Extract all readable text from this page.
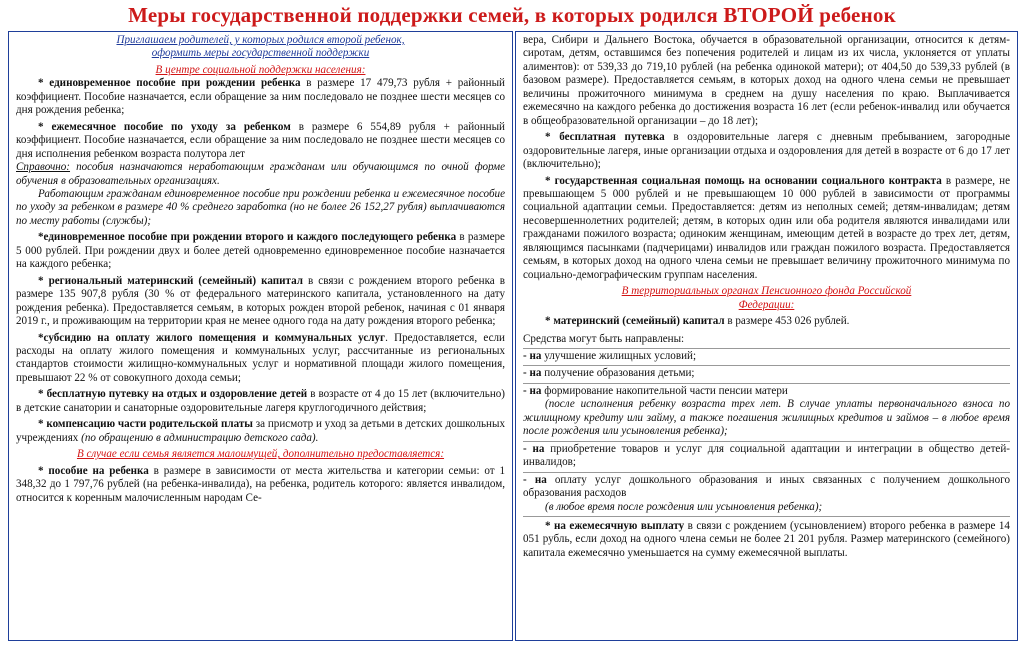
Меры государственной поддержки семей, в которых родился ВТОРОЙ ребенок

Приглашаем родителей, у которых родился второй ребенок,

оформить меры государственной поддержки

В центре социальной поддержки населения:

* единовременное пособие при рождении ребенка в размере 17 479,73 рубля + районный коэффициент. Пособие назначается, если обращение за ним последовало не позднее шести месяцев со дня рождения ребенка;

* ежемесячное пособие по уходу за ребенком в размере 6 554,89 рубля + районный коэффициент. Пособие назначается, если обращение за ним последовало не позднее шести месяцев со дня исполнения ребенком возраста полутора лет

Справочно: пособия назначаются неработающим гражданам или обучающимся по очной форме обучения в образовательных организациях.

Работающим гражданам единовременное пособие при рождении ребенка и ежемесячное пособие по уходу за ребенком в размере 40 % среднего заработка (но не более 26 152,27 рубля) выплачиваются по месту работы (службы);

*единовременное пособие при рождении второго и каждого последующего ребенка в размере 5 000 рублей. При рождении двух и более детей одновременно единовременное пособие назначается на каждого ребенка;

* региональный материнский (семейный) капитал в связи с рождением второго ребенка в размере 135 907,8 рубля (30 % от федерального материнского капитала, установленного на дату рождения ребенка). Предоставляется семьям, в которых рожден второй ребенок, начиная с 01 января 2019 г., и проживающим на территории края не менее одного года на дату рождения второго ребенка;

*субсидию на оплату жилого помещения и коммунальных услуг. Предоставляется, если расходы на оплату жилого помещения и коммунальных услуг, рассчитанные из региональных стандартов стоимости жилищно-коммунальных услуг и нормативной площади жилого помещения, превышают 22 % от совокупного дохода семьи;

* бесплатную путевку на отдых и оздоровление детей в возрасте от 4 до 15 лет (включительно) в детские санатории и санаторные оздоровительные лагеря круглогодичного действия;

* компенсацию части родительской платы за присмотр и уход за детьми в детских дошкольных учреждениях (по обращению в администрацию детского сада).

В случае если семья является малоимущей, дополнительно предоставляется:

* пособие на ребенка в размере в зависимости от места жительства и категории семьи: от 1 348,32 до 1 797,76 рублей (на ребенка-инвалида), на ребенка, родитель которого: является инвалидом, относится к коренным малочисленным народам Се-

вера, Сибири и Дальнего Востока, обучается в образовательной организации, относится к детям-сиротам, детям, оставшимся без попечения родителей и лицам из их числа, уклоняется от уплаты алиментов): от 539,33 до 719,10 рублей (на ребенка одинокой матери); от 404,50 до 539,33 рублей (в базовом размере). Предоставляется семьям, в которых доход на одного члена семьи не превышает величины прожиточного минимума в среднем на душу населения по краю. Выплачивается ежемесячно на каждого ребенка до достижения возраста 16 лет (если ребенок-инвалид или обучается в общеобразовательной организации – до 18 лет);

* бесплатная путевка в оздоровительные лагеря с дневным пребыванием, загородные оздоровительные лагеря, иные организации отдыха и оздоровления для детей в возрасте от 6 до 17 лет (включительно);

* государственная социальная помощь на основании социального контракта в размере, не превышающем 5 000 рублей и не превышающем 10 000 рублей в зависимости от программы социальной адаптации семьи. Предоставляется: детям из неполных семей; детям-инвалидам; детям несовершеннолетних родителей; детям, в которых один или оба родителя являются инвалидами или гражданами пожилого возраста; одиноким женщинам, имеющим детей в возрасте до трех лет, детям, являющимся пасынками (падчерицами) инвалидов или граждан пожилого возраста. Предоставляется семьям, в которых доход на одного члена семьи не превышает величину прожиточного минимума по социально-демографическим группам населения.

В территориальных органах Пенсионного фонда Российской

Федерации:

* материнский (семейный) капитал в размере 453 026 рублей.

Средства могут быть направлены:

- на улучшение жилищных условий;
- на получение образования детьми;
- на формирование накопительной части пенсии матери
(после исполнения ребенку возраста трех лет. В случае уплаты первоначального взноса по жилищному кредиту или займу, а также погашения жилищных кредитов и займов – в любое время после рождения или усыновления ребенка);
- на приобретение товаров и услуг для социальной адаптации и интеграции в общество детей-инвалидов;
- на оплату услуг дошкольного образования и иных связанных с получением дошкольного образования расходов
(в любое время после рождения или усыновления ребенка);

* на ежемесячную выплату в связи с рождением (усыновлением) второго ребенка в размере 14 051 рубль, если доход на одного члена семьи не более 21 201 рубля. Размер материнского (семейного) капитала ежемесячно уменьшается на сумму ежемесячной выплаты.
